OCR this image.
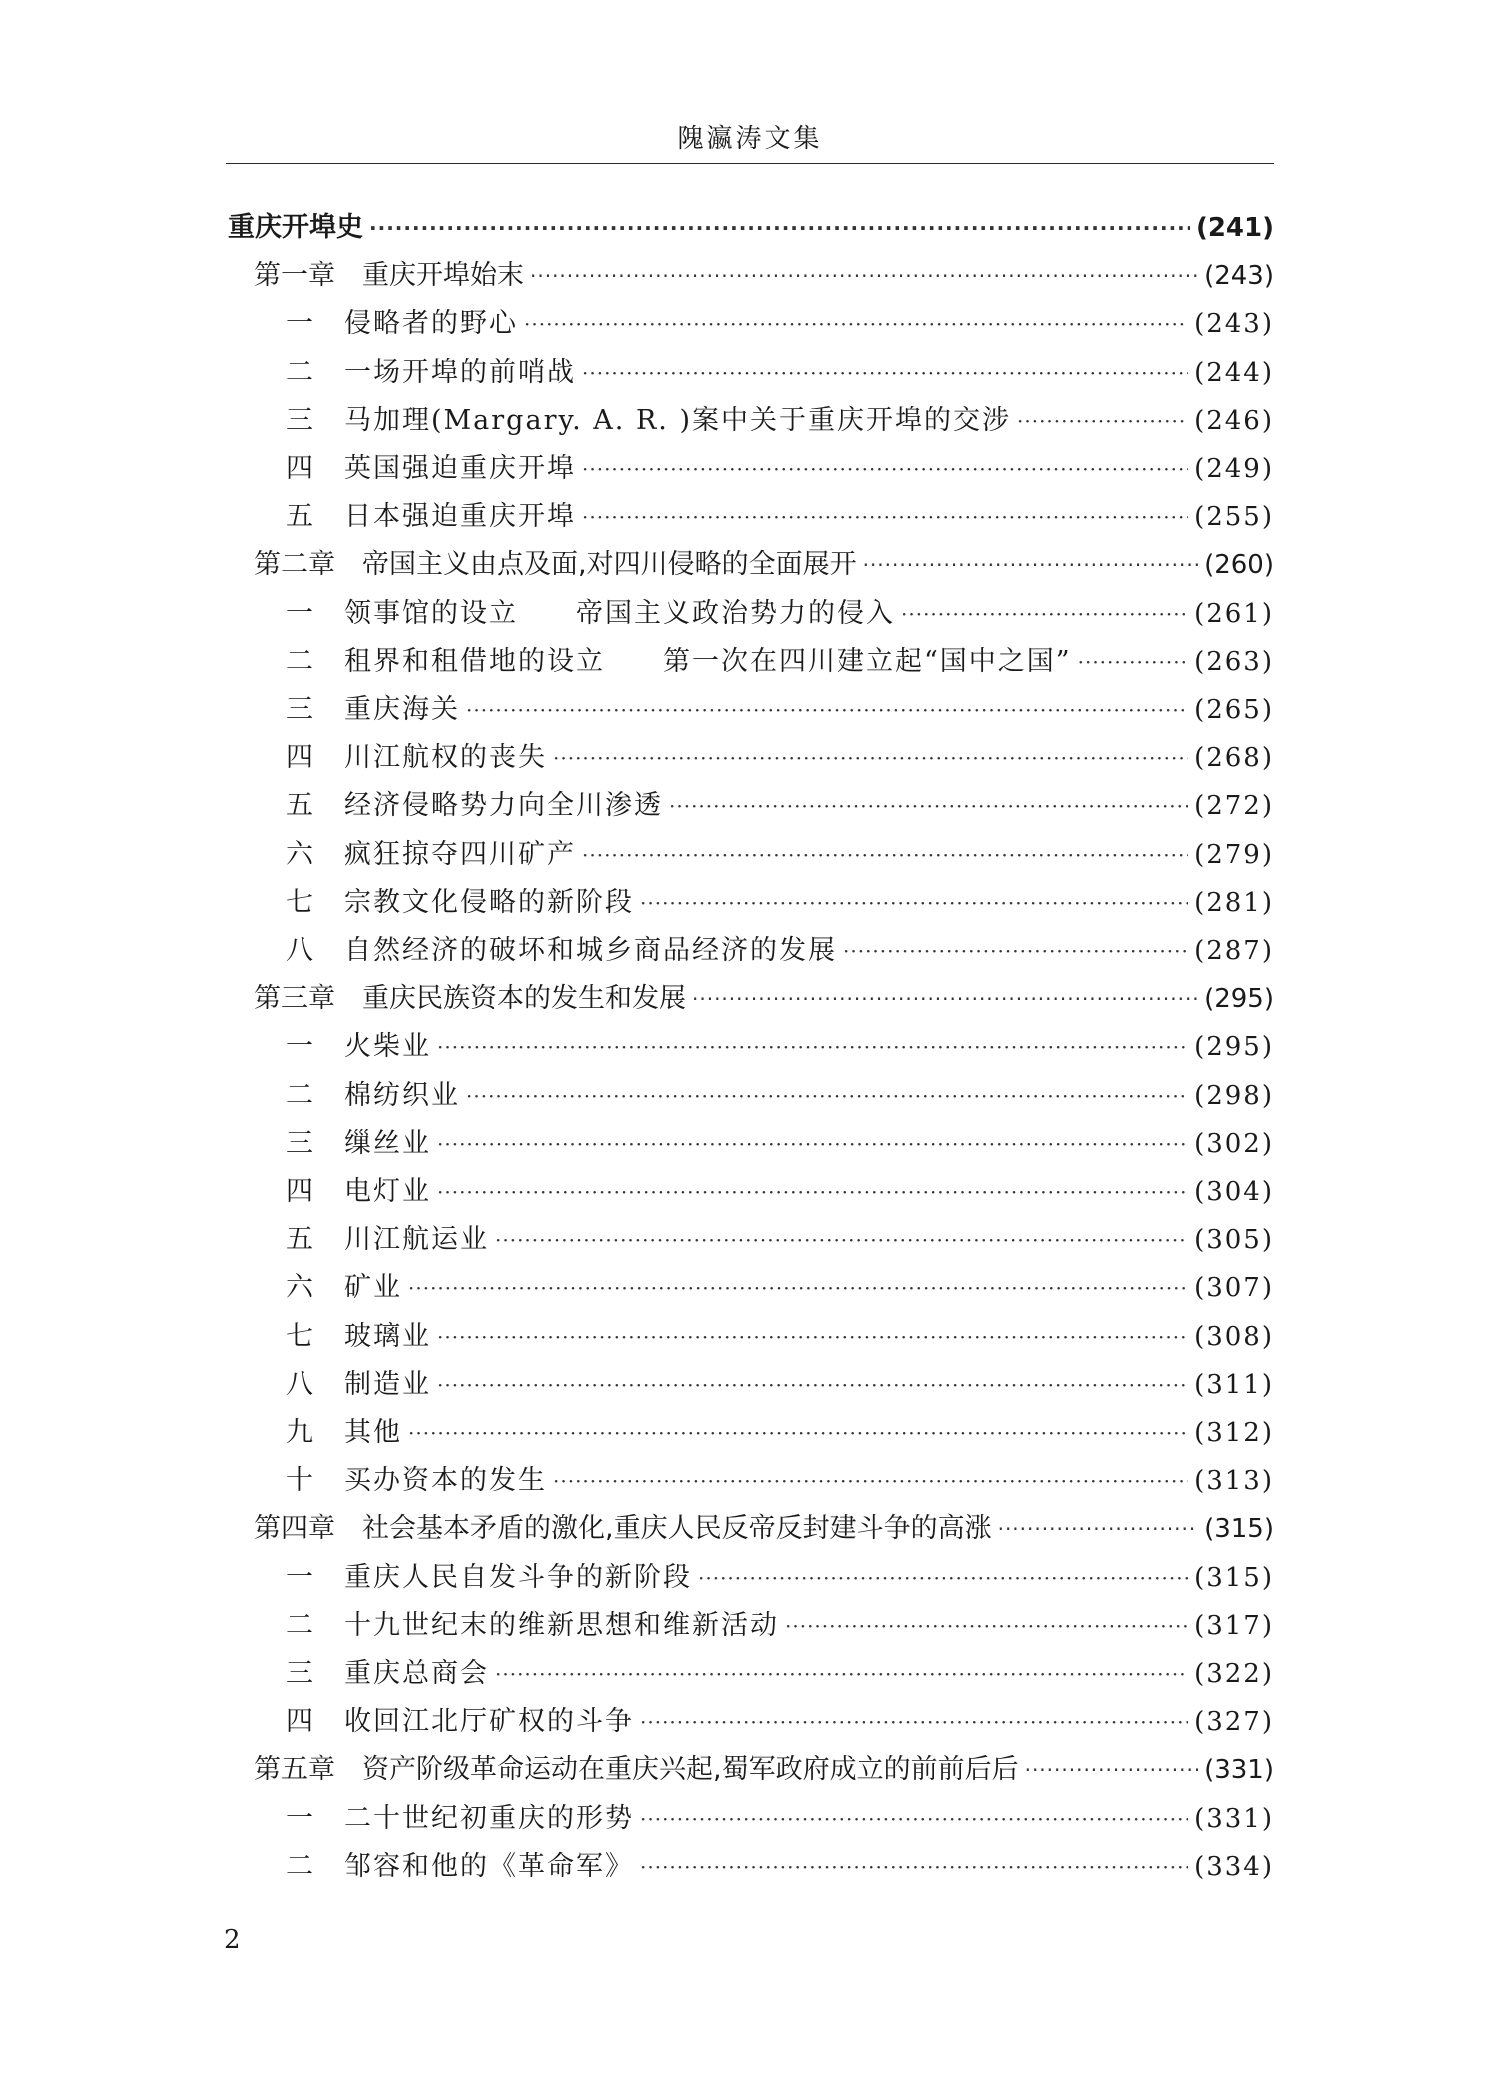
隗瀛涛文集
重庆开埠史 ·····	(241)
第一章　重庆开埠始末 ·····	(243)
一　侵略者的野心 ·····	(243)
二　一场开埠的前哨战 ·····	(244)
三　马加理(Margary. A. R. )案中关于重庆开埠的交涉 ·····	(246)
四　英国强迫重庆开埠 ·····	(249)
五　日本强迫重庆开埠 ·····	(255)
第二章　帝国主义由点及面,对四川侵略的全面展开 ·····	(260)
一　领事馆的设立　　帝国主义政治势力的侵入 ·····	(261)
二　租界和租借地的设立　　第一次在四川建立起“国中之国” ·····	(263)
三　重庆海关 ·····	(265)
四　川江航权的丧失 ·····	(268)
五　经济侵略势力向全川渗透 ·····	(272)
六　疯狂掠夺四川矿产 ·····	(279)
七　宗教文化侵略的新阶段 ·····	(281)
八　自然经济的破坏和城乡商品经济的发展 ·····	(287)
第三章　重庆民族资本的发生和发展 ·····	(295)
一　火柴业 ·····	(295)
二　棉纺织业 ·····	(298)
三　缫丝业 ·····	(302)
四　电灯业 ·····	(304)
五　川江航运业 ·····	(305)
六　矿业 ·····	(307)
七　玻璃业 ·····	(308)
八　制造业 ·····	(311)
九　其他 ·····	(312)
十　买办资本的发生 ·····	(313)
第四章　社会基本矛盾的激化,重庆人民反帝反封建斗争的高涨 ·····	(315)
一　重庆人民自发斗争的新阶段 ·····	(315)
二　十九世纪末的维新思想和维新活动 ·····	(317)
三　重庆总商会 ·····	(322)
四　收回江北厅矿权的斗争 ·····	(327)
第五章　资产阶级革命运动在重庆兴起,蜀军政府成立的前前后后 ·····	(331)
一　二十世纪初重庆的形势 ·····	(331)
二　邹容和他的《革命军》 ·····	(334)
2
